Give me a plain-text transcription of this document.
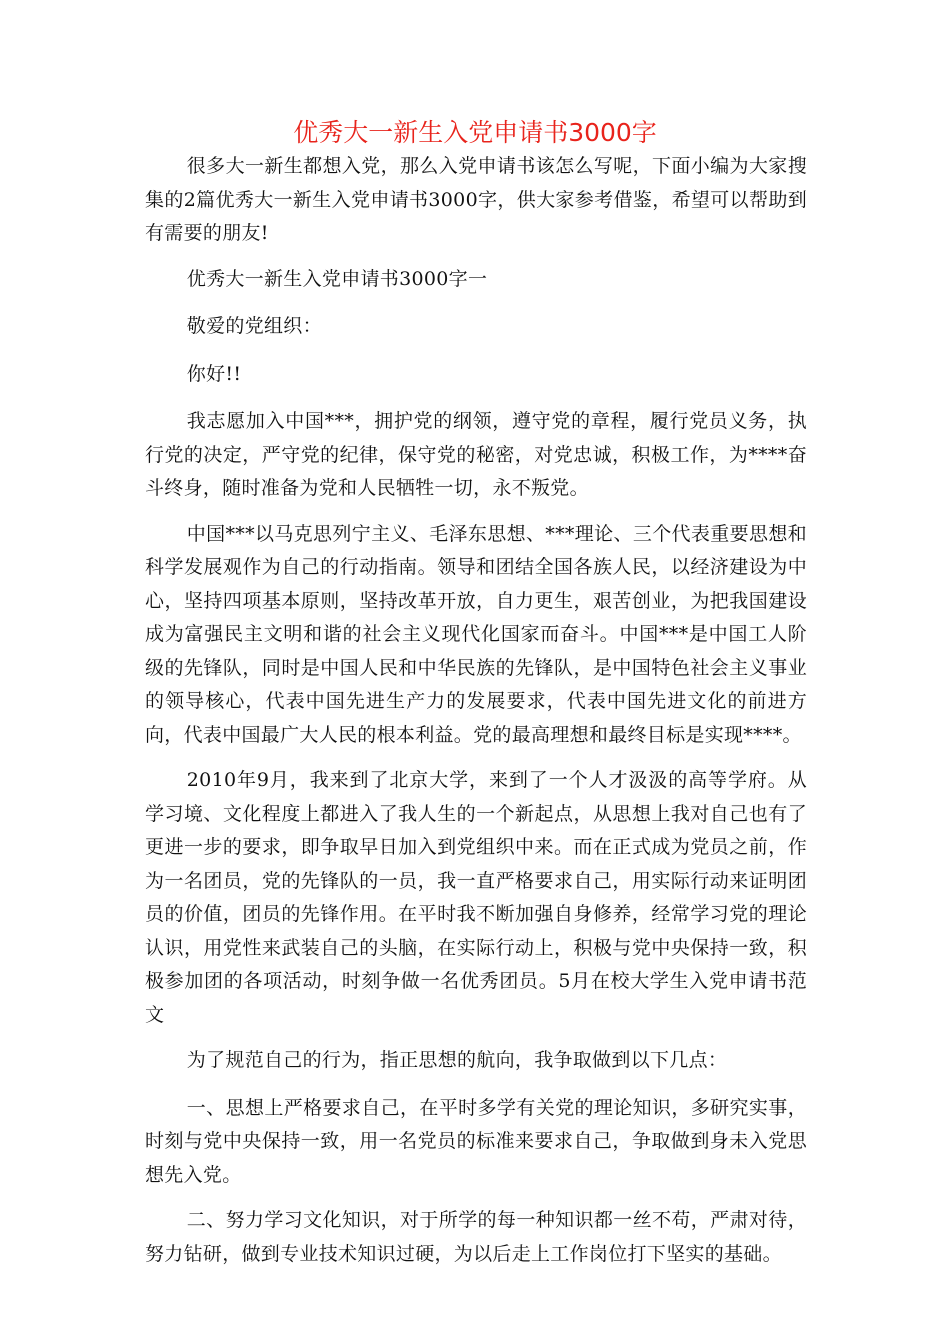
优秀大一新生入党申请书3000字

很多大一新生都想入党，那么入党申请书该怎么写呢，下面小编为大家搜集的2篇优秀大一新生入党申请书3000字，供大家参考借鉴，希望可以帮助到有需要的朋友!

优秀大一新生入党申请书3000字一

敬爱的党组织：

你好!!

我志愿加入中国***，拥护党的纲领，遵守党的章程，履行党员义务，执行党的决定，严守党的纪律，保守党的秘密，对党忠诚，积极工作，为****奋斗终身，随时准备为党和人民牺牲一切，永不叛党。

中国***以马克思列宁主义、毛泽东思想、***理论、三个代表重要思想和科学发展观作为自己的行动指南。领导和团结全国各族人民，以经济建设为中心，坚持四项基本原则，坚持改革开放，自力更生，艰苦创业，为把我国建设成为富强民主文明和谐的社会主义现代化国家而奋斗。中国***是中国工人阶级的先锋队，同时是中国人民和中华民族的先锋队，是中国特色社会主义事业的领导核心，代表中国先进生产力的发展要求，代表中国先进文化的前进方向，代表中国最广大人民的根本利益。党的最高理想和最终目标是实现****。

2010年9月，我来到了北京大学，来到了一个人才汲汲的高等学府。从学习境、文化程度上都进入了我人生的一个新起点，从思想上我对自己也有了更进一步的要求，即争取早日加入到党组织中来。而在正式成为党员之前，作为一名团员，党的先锋队的一员，我一直严格要求自己，用实际行动来证明团员的价值，团员的先锋作用。在平时我不断加强自身修养，经常学习党的理论认识，用党性来武装自己的头脑，在实际行动上，积极与党中央保持一致，积极参加团的各项活动，时刻争做一名优秀团员。5月在校大学生入党申请书范文

为了规范自己的行为，指正思想的航向，我争取做到以下几点：

一、思想上严格要求自己，在平时多学有关党的理论知识，多研究实事，时刻与党中央保持一致，用一名党员的标准来要求自己，争取做到身未入党思想先入党。

二、努力学习文化知识，对于所学的每一种知识都一丝不苟，严肃对待，努力钻研，做到专业技术知识过硬，为以后走上工作岗位打下坚实的基础。
